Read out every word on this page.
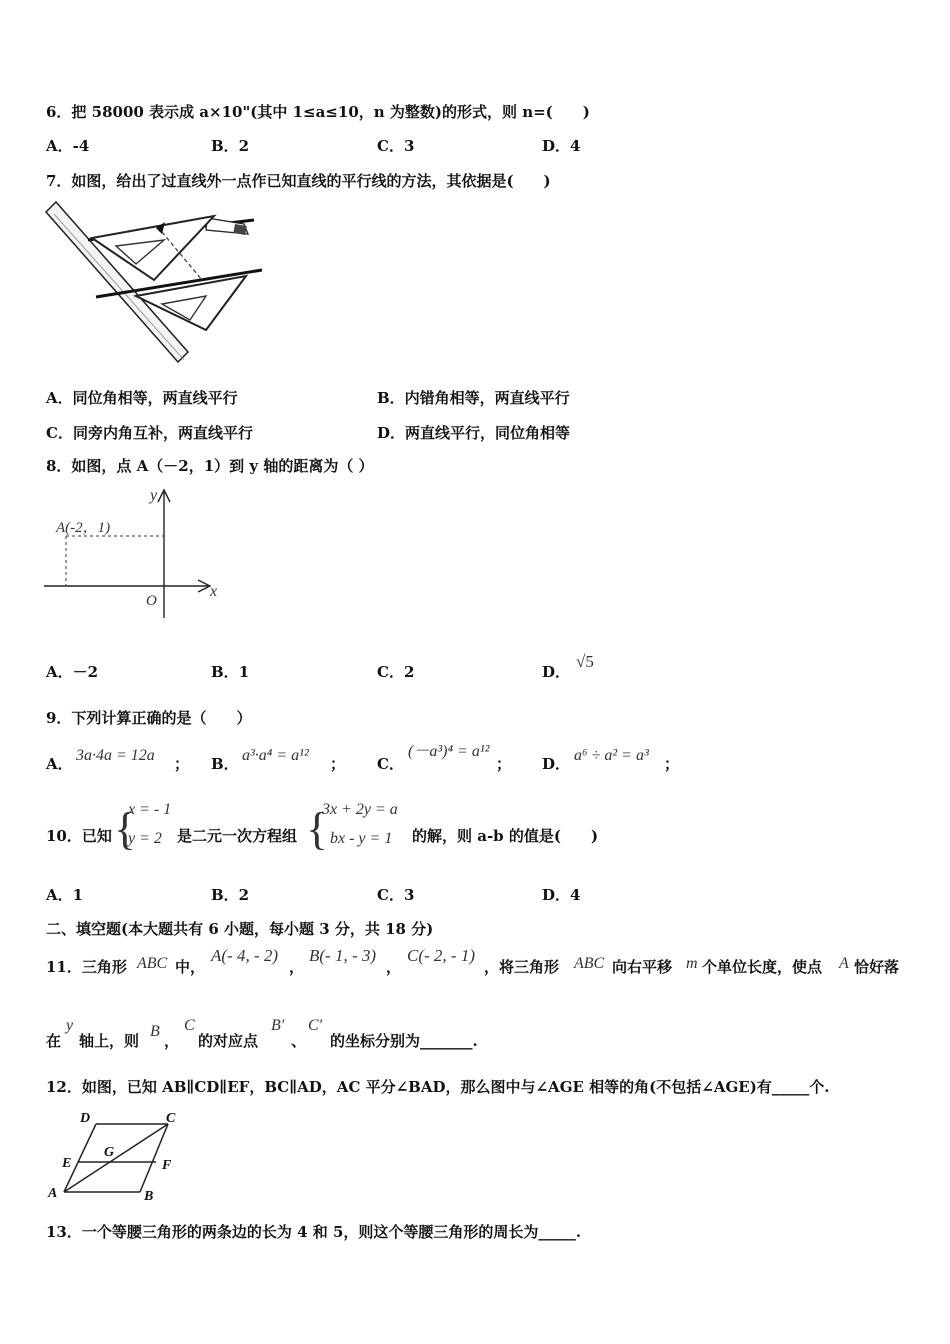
6．把 58000 表示成 a×10"(其中 1≤a≤10，n 为整数)的形式，则 n=(　　)
A．-4	B．2	C．3	D．4
7．如图，给出了过直线外一点作已知直线的平行线的方法，其依据是(　　)
A．同位角相等，两直线平行	B．内错角相等，两直线平行
C．同旁内角互补，两直线平行	D．两直线平行，同位角相等
8．如图，点 A（－2，1）到 y 轴的距离为（ ）
A(-2，1)
x
y
O
A．－2	B．1	C．2	D．
√5
9．下列计算正确的是（　　）
A． 3a·4a = 12a ； B． a³·a⁴ = a¹² ； C．
(－a³)⁴ = a¹²
； D． a⁶ ÷ a² = a³ ；
10．已知 {
x = - 1
y = 2 是二元一次方程组 {
3x + 2y = a
bx - y = 1 的解，则 a-b 的值是(　　)
A．1	B．2	C．3	D．4
二、填空题(本大题共有 6 小题，每小题 3 分，共 18 分)
11．三角形 ABC 中，
A(- 4, - 2)
，
B(- 1, - 3)
，
C(- 2, - 1)
，将三角形 ABC 向右平移 m 个单位长度，使点 A 恰好落
在
y
轴上，则
B
，
C
的对应点
B′
、
C′
的坐标分别为_______.
12．如图，已知 AB∥CD∥EF，BC∥AD，AC 平分∠BAD，那么图中与∠AGE 相等的角(不包括∠AGE)有_____个.
D	C
E
G
F
A	B
13．一个等腰三角形的两条边的长为 4 和 5，则这个等腰三角形的周长为_____.
